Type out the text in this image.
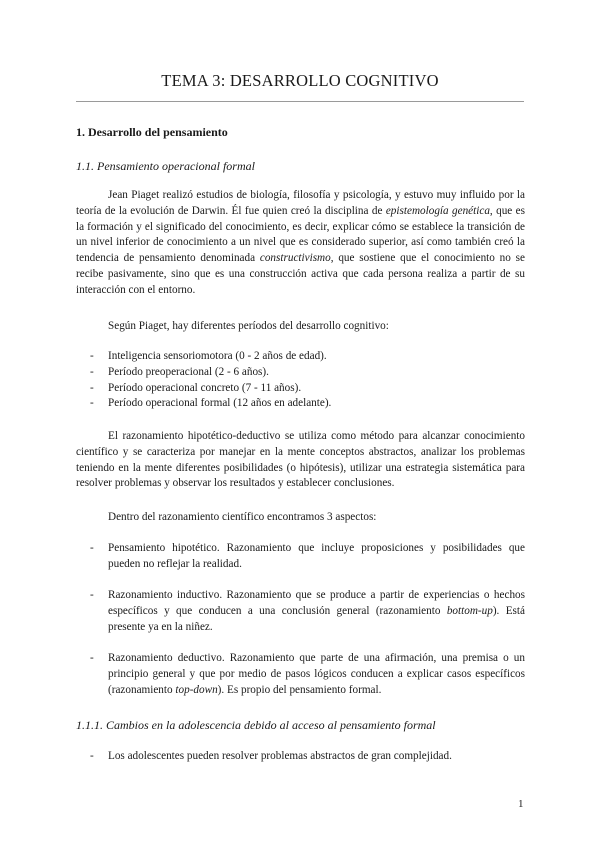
TEMA 3: DESARROLLO COGNITIVO
1. Desarrollo del pensamiento
1.1. Pensamiento operacional formal

Jean Piaget realizó estudios de biología, filosofía y psicología, y estuvo muy influido por la teoría de la evolución de Darwin. Él fue quien creó la disciplina de epistemología genética, que es la formación y el significado del conocimiento, es decir, explicar cómo se establece la transición de un nivel inferior de conocimiento a un nivel que es considerado superior, así como también creó la tendencia de pensamiento denominada constructivismo, que sostiene que el conocimiento no se recibe pasivamente, sino que es una construcción activa que cada persona realiza a partir de su interacción con el entorno.

Según Piaget, hay diferentes períodos del desarrollo cognitivo:
- Inteligencia sensoriomotora (0 - 2 años de edad).
- Período preoperacional (2 - 6 años).
- Período operacional concreto (7 - 11 años).
- Período operacional formal (12 años en adelante).

El razonamiento hipotético-deductivo se utiliza como método para alcanzar conocimiento científico y se caracteriza por manejar en la mente conceptos abstractos, analizar los problemas teniendo en la mente diferentes posibilidades (o hipótesis), utilizar una estrategia sistemática para resolver problemas y observar los resultados y establecer conclusiones.

Dentro del razonamiento científico encontramos 3 aspectos:
- Pensamiento hipotético. Razonamiento que incluye proposiciones y posibilidades que pueden no reflejar la realidad.
- Razonamiento inductivo. Razonamiento que se produce a partir de experiencias o hechos específicos y que conducen a una conclusión general (razonamiento bottom-up). Está presente ya en la niñez.
- Razonamiento deductivo. Razonamiento que parte de una afirmación, una premisa o un principio general y que por medio de pasos lógicos conducen a explicar casos específicos (razonamiento top-down). Es propio del pensamiento formal.
1.1.1. Cambios en la adolescencia debido al acceso al pensamiento formal
- Los adolescentes pueden resolver problemas abstractos de gran complejidad.
1
